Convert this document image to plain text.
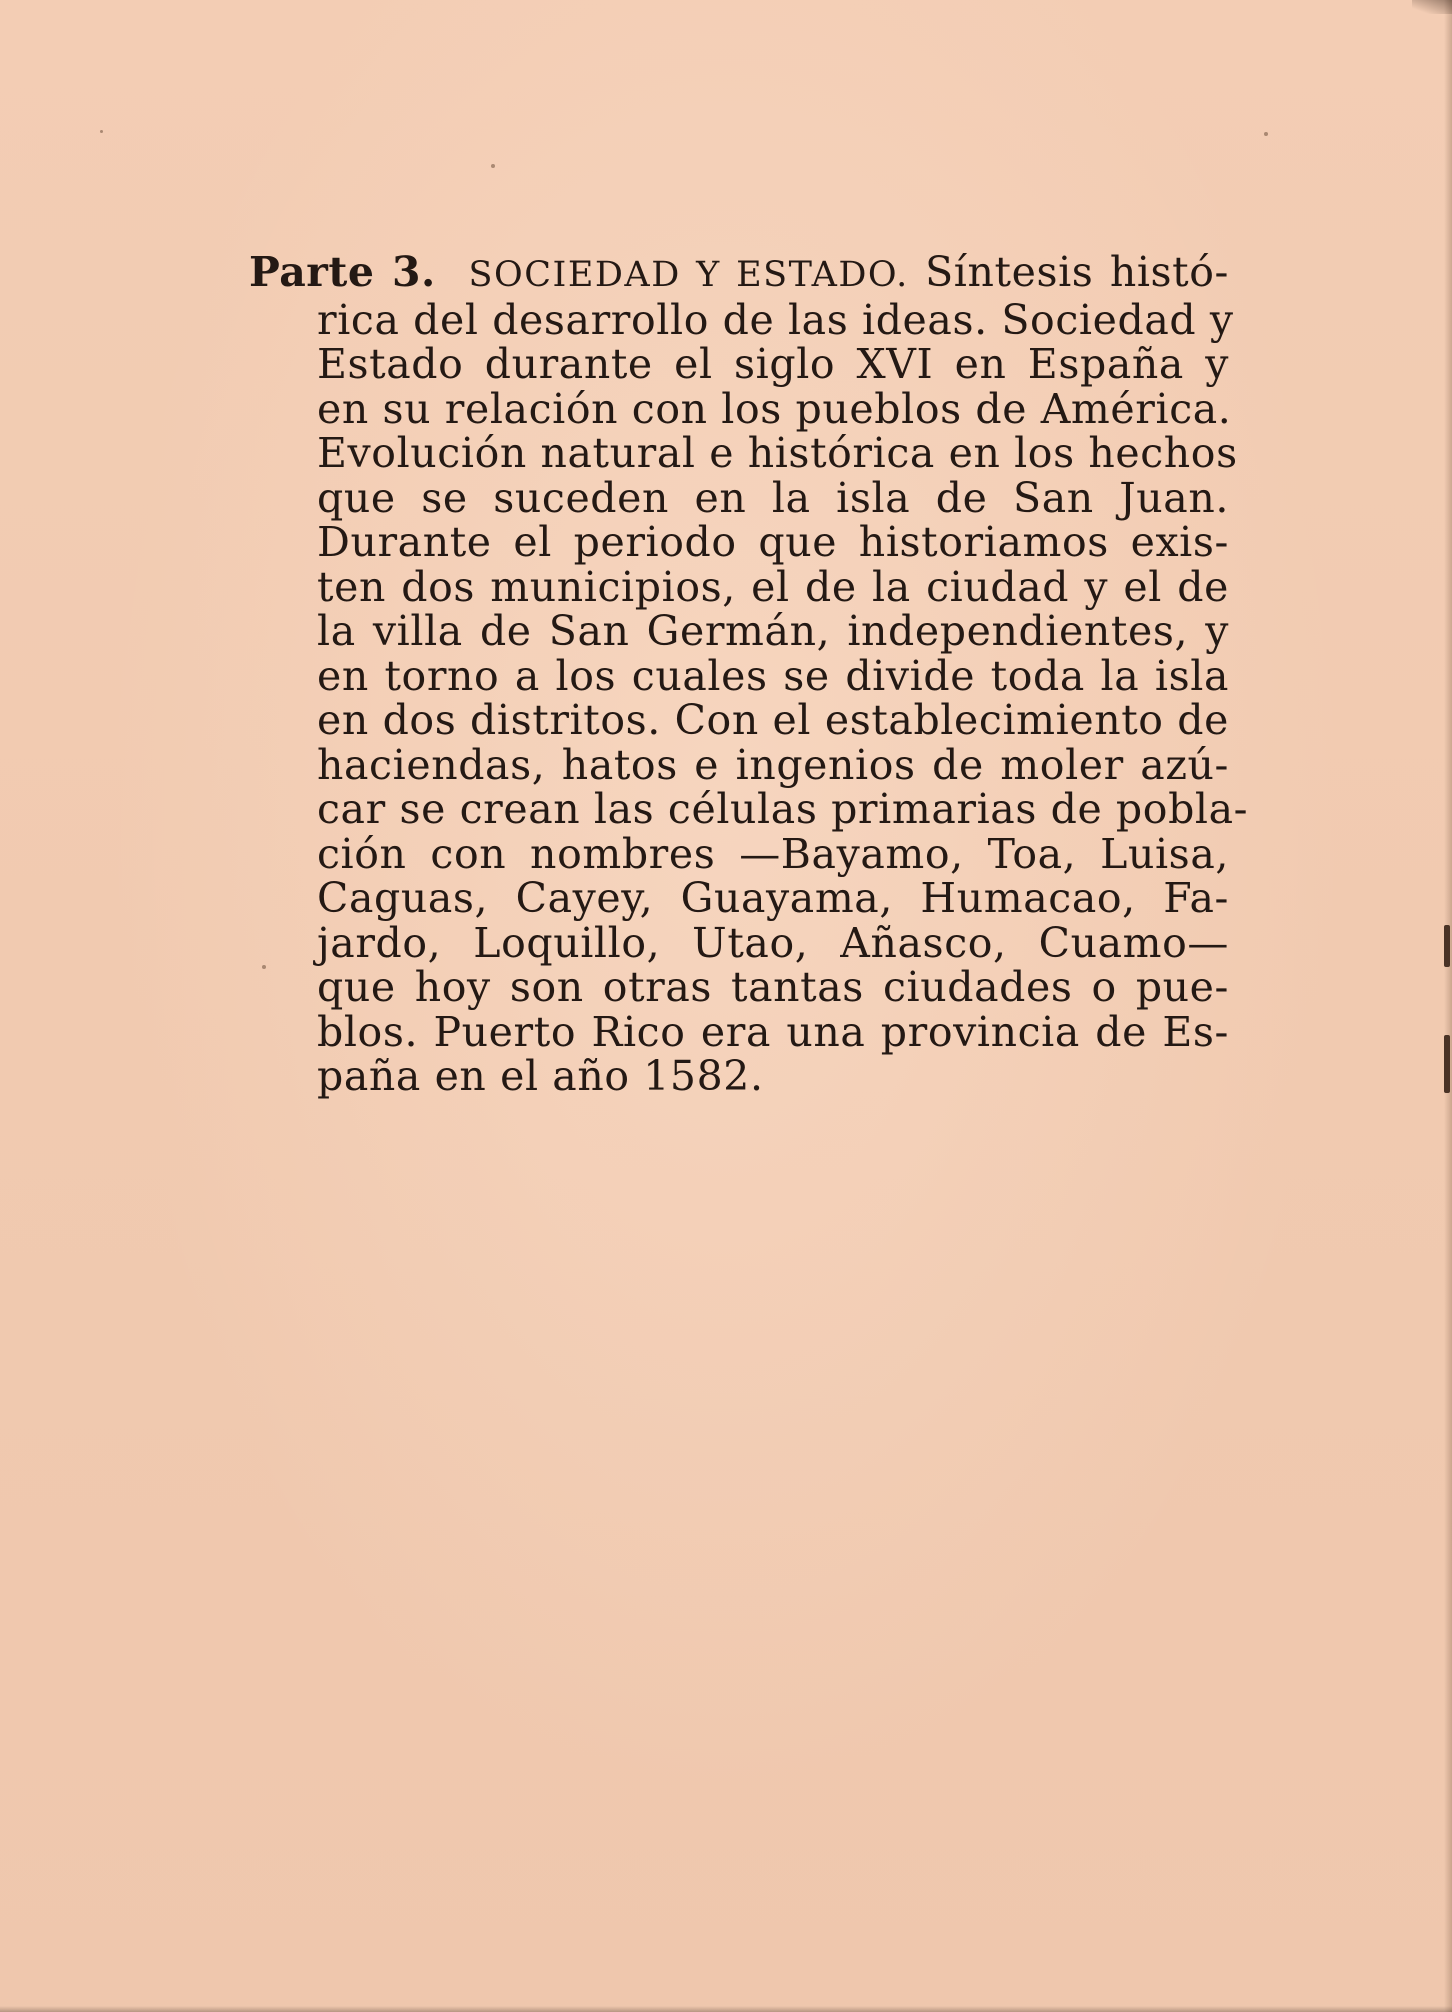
Parte 3. SOCIEDAD Y ESTADO. Síntesis histó-
rica del desarrollo de las ideas. Sociedad y
Estado durante el siglo XVI en España y
en su relación con los pueblos de América.
Evolución natural e histórica en los hechos
que se suceden en la isla de San Juan.
Durante el periodo que historiamos exis-
ten dos municipios, el de la ciudad y el de
la villa de San Germán, independientes, y
en torno a los cuales se divide toda la isla
en dos distritos. Con el establecimiento de
haciendas, hatos e ingenios de moler azú-
car se crean las células primarias de pobla-
ción con nombres —Bayamo, Toa, Luisa,
Caguas, Cayey, Guayama, Humacao, Fa-
jardo, Loquillo, Utao, Añasco, Cuamo—
que hoy son otras tantas ciudades o pue-
blos. Puerto Rico era una provincia de Es-
paña en el año 1582.
